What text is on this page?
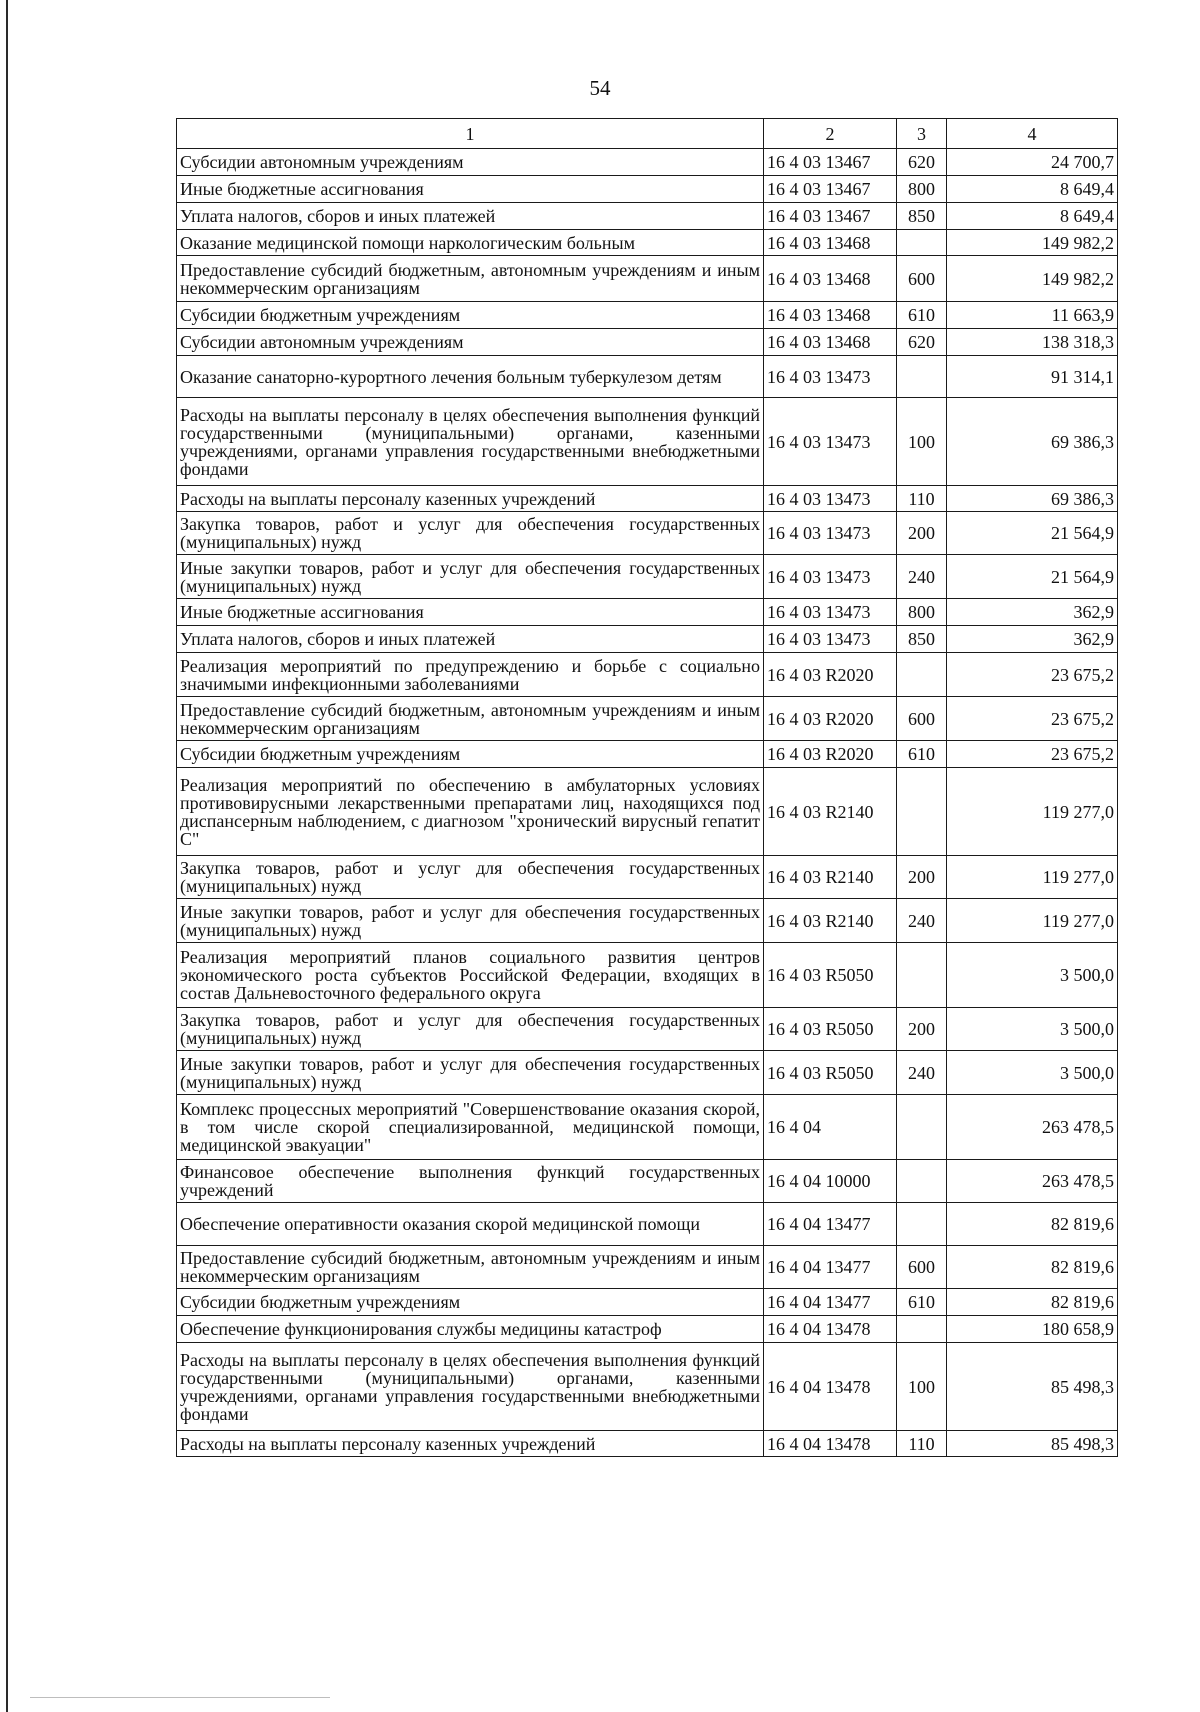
54
1	2	3	4
Субсидии автономным учреждениям	16 4 03 13467	620	24 700,7
Иные бюджетные ассигнования	16 4 03 13467	800	8 649,4
Уплата налогов, сборов и иных платежей	16 4 03 13467	850	8 649,4
Оказание медицинской помощи наркологическим больным	16 4 03 13468		149 982,2
Предоставление субсидий бюджетным, автономным учреждениям и иным некоммерческим организациям	16 4 03 13468	600	149 982,2
Субсидии бюджетным учреждениям	16 4 03 13468	610	11 663,9
Субсидии автономным учреждениям	16 4 03 13468	620	138 318,3
Оказание санаторно-курортного лечения больным туберкулезом детям	16 4 03 13473		91 314,1
Расходы на выплаты персоналу в целях обеспечения выполнения функций государственными (муниципальными) органами, казенными учреждениями, органами управления государственными внебюджетными фондами	16 4 03 13473	100	69 386,3
Расходы на выплаты персоналу казенных учреждений	16 4 03 13473	110	69 386,3
Закупка товаров, работ и услуг для обеспечения государственных (муниципальных) нужд	16 4 03 13473	200	21 564,9
Иные закупки товаров, работ и услуг для обеспечения государственных (муниципальных) нужд	16 4 03 13473	240	21 564,9
Иные бюджетные ассигнования	16 4 03 13473	800	362,9
Уплата налогов, сборов и иных платежей	16 4 03 13473	850	362,9
Реализация мероприятий по предупреждению и борьбе с социально значимыми инфекционными заболеваниями	16 4 03 R2020		23 675,2
Предоставление субсидий бюджетным, автономным учреждениям и иным некоммерческим организациям	16 4 03 R2020	600	23 675,2
Субсидии бюджетным учреждениям	16 4 03 R2020	610	23 675,2
Реализация мероприятий по обеспечению в амбулаторных условиях противовирусными лекарственными препаратами лиц, находящихся под диспансерным наблюдением, с диагнозом "хронический вирусный гепатит С"	16 4 03 R2140		119 277,0
Закупка товаров, работ и услуг для обеспечения государственных (муниципальных) нужд	16 4 03 R2140	200	119 277,0
Иные закупки товаров, работ и услуг для обеспечения государственных (муниципальных) нужд	16 4 03 R2140	240	119 277,0
Реализация мероприятий планов социального развития центров экономического роста субъектов Российской Федерации, входящих в состав Дальневосточного федерального округа	16 4 03 R5050		3 500,0
Закупка товаров, работ и услуг для обеспечения государственных (муниципальных) нужд	16 4 03 R5050	200	3 500,0
Иные закупки товаров, работ и услуг для обеспечения государственных (муниципальных) нужд	16 4 03 R5050	240	3 500,0
Комплекс процессных мероприятий "Совершенствование оказания скорой, в том числе скорой специализированной, медицинской помощи, медицинской эвакуации"	16 4 04		263 478,5
Финансовое обеспечение выполнения функций государственных учреждений	16 4 04 10000		263 478,5
Обеспечение оперативности оказания скорой медицинской помощи	16 4 04 13477		82 819,6
Предоставление субсидий бюджетным, автономным учреждениям и иным некоммерческим организациям	16 4 04 13477	600	82 819,6
Субсидии бюджетным учреждениям	16 4 04 13477	610	82 819,6
Обеспечение функционирования службы медицины катастроф	16 4 04 13478		180 658,9
Расходы на выплаты персоналу в целях обеспечения выполнения функций государственными (муниципальными) органами, казенными учреждениями, органами управления государственными внебюджетными фондами	16 4 04 13478	100	85 498,3
Расходы на выплаты персоналу казенных учреждений	16 4 04 13478	110	85 498,3
